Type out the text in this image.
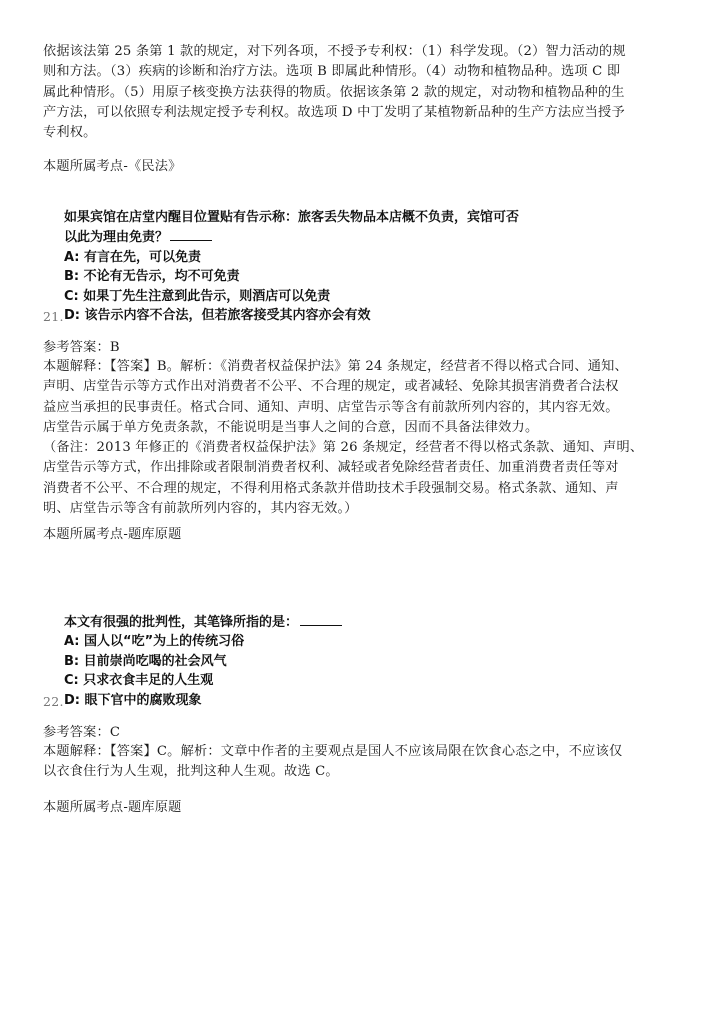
依据该法第 25 条第 1 款的规定，对下列各项，不授予专利权：（1）科学发现。（2）智力活动的规
则和方法。（3）疾病的诊断和治疗方法。选项 B 即属此种情形。（4）动物和植物品种。选项 C 即
属此种情形。（5）用原子核变换方法获得的物质。依据该条第 2 款的规定，对动物和植物品种的生
产方法，可以依照专利法规定授予专利权。故选项 D 中丁发明了某植物新品种的生产方法应当授予
专利权。
本题所属考点-《民法》
如果宾馆在店堂内醒目位置贴有告示称：旅客丢失物品本店概不负责，宾馆可否
以此为理由免责？
A: 有言在先，可以免责
B: 不论有无告示，均不可免责
C: 如果丁先生注意到此告示，则酒店可以免责
D: 该告示内容不合法，但若旅客接受其内容亦会有效
21.
参考答案：B
本题解释：【答案】B。解析：《消费者权益保护法》第 24 条规定，经营者不得以格式合同、通知、
声明、店堂告示等方式作出对消费者不公平、不合理的规定，或者减轻、免除其损害消费者合法权
益应当承担的民事责任。格式合同、通知、声明、店堂告示等含有前款所列内容的，其内容无效。
店堂告示属于单方免责条款，不能说明是当事人之间的合意，因而不具备法律效力。
（备注：2013 年修正的《消费者权益保护法》第 26 条规定，经营者不得以格式条款、通知、声明、
店堂告示等方式，作出排除或者限制消费者权利、减轻或者免除经营者责任、加重消费者责任等对
消费者不公平、不合理的规定，不得利用格式条款并借助技术手段强制交易。格式条款、通知、声
明、店堂告示等含有前款所列内容的，其内容无效。）
本题所属考点-题库原题
本文有很强的批判性，其笔锋所指的是：
A: 国人以“吃”为上的传统习俗
B: 目前崇尚吃喝的社会风气
C: 只求衣食丰足的人生观
D: 眼下官中的腐败现象
22.
参考答案：C
本题解释：【答案】C。解析：文章中作者的主要观点是国人不应该局限在饮食心态之中，不应该仅
以衣食住行为人生观，批判这种人生观。故选 C。
本题所属考点-题库原题
